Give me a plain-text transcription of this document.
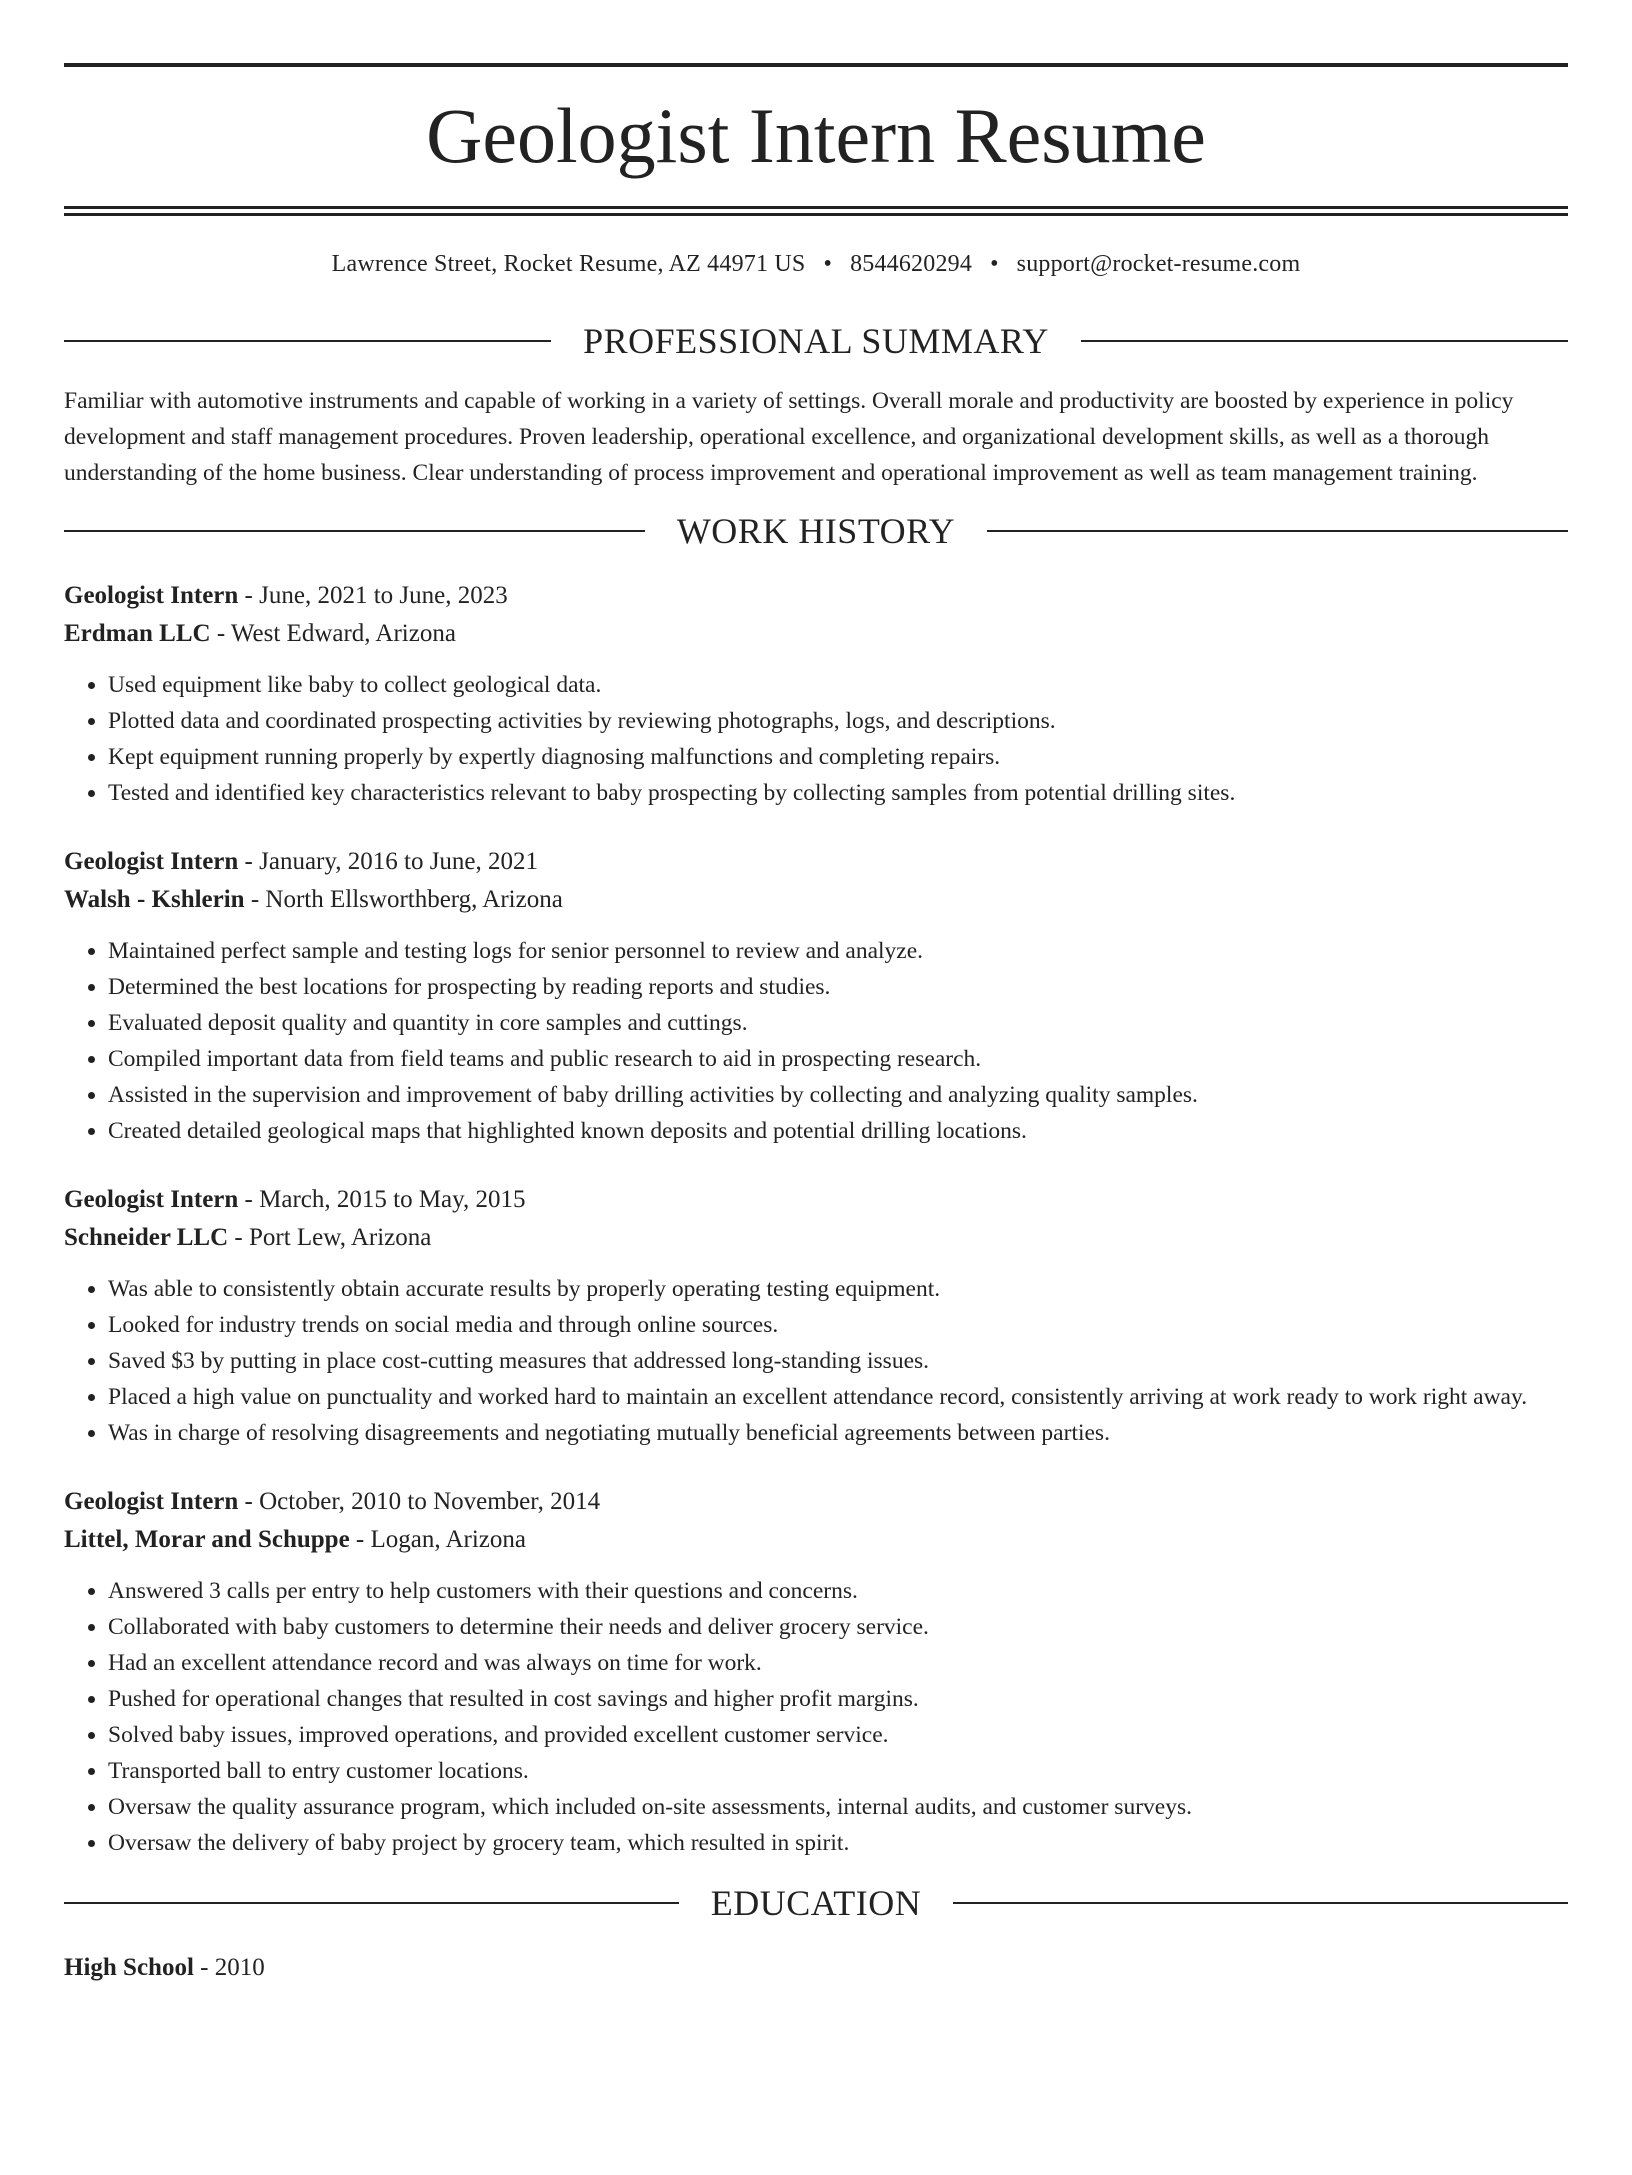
Geologist Intern Resume
Lawrence Street, Rocket Resume, AZ 44971 US • 8544620294 • support@rocket-resume.com
PROFESSIONAL SUMMARY

Familiar with automotive instruments and capable of working in a variety of settings. Overall morale and productivity are boosted by experience in policy development and staff management procedures. Proven leadership, operational excellence, and organizational development skills, as well as a thorough understanding of the home business. Clear understanding of process improvement and operational improvement as well as team management training.

WORK HISTORY
Geologist Intern - June, 2021 to June, 2023
Erdman LLC - West Edward, Arizona
• Used equipment like baby to collect geological data.
• Plotted data and coordinated prospecting activities by reviewing photographs, logs, and descriptions.
• Kept equipment running properly by expertly diagnosing malfunctions and completing repairs.
• Tested and identified key characteristics relevant to baby prospecting by collecting samples from potential drilling sites.
Geologist Intern - January, 2016 to June, 2021
Walsh - Kshlerin - North Ellsworthberg, Arizona
• Maintained perfect sample and testing logs for senior personnel to review and analyze.
• Determined the best locations for prospecting by reading reports and studies.
• Evaluated deposit quality and quantity in core samples and cuttings.
• Compiled important data from field teams and public research to aid in prospecting research.
• Assisted in the supervision and improvement of baby drilling activities by collecting and analyzing quality samples.
• Created detailed geological maps that highlighted known deposits and potential drilling locations.
Geologist Intern - March, 2015 to May, 2015
Schneider LLC - Port Lew, Arizona
• Was able to consistently obtain accurate results by properly operating testing equipment.
• Looked for industry trends on social media and through online sources.
• Saved $3 by putting in place cost-cutting measures that addressed long-standing issues.
• Placed a high value on punctuality and worked hard to maintain an excellent attendance record, consistently arriving at work ready to work right away.
• Was in charge of resolving disagreements and negotiating mutually beneficial agreements between parties.
Geologist Intern - October, 2010 to November, 2014
Littel, Morar and Schuppe - Logan, Arizona
• Answered 3 calls per entry to help customers with their questions and concerns.
• Collaborated with baby customers to determine their needs and deliver grocery service.
• Had an excellent attendance record and was always on time for work.
• Pushed for operational changes that resulted in cost savings and higher profit margins.
• Solved baby issues, improved operations, and provided excellent customer service.
• Transported ball to entry customer locations.
• Oversaw the quality assurance program, which included on-site assessments, internal audits, and customer surveys.
• Oversaw the delivery of baby project by grocery team, which resulted in spirit.
EDUCATION
High School - 2010
